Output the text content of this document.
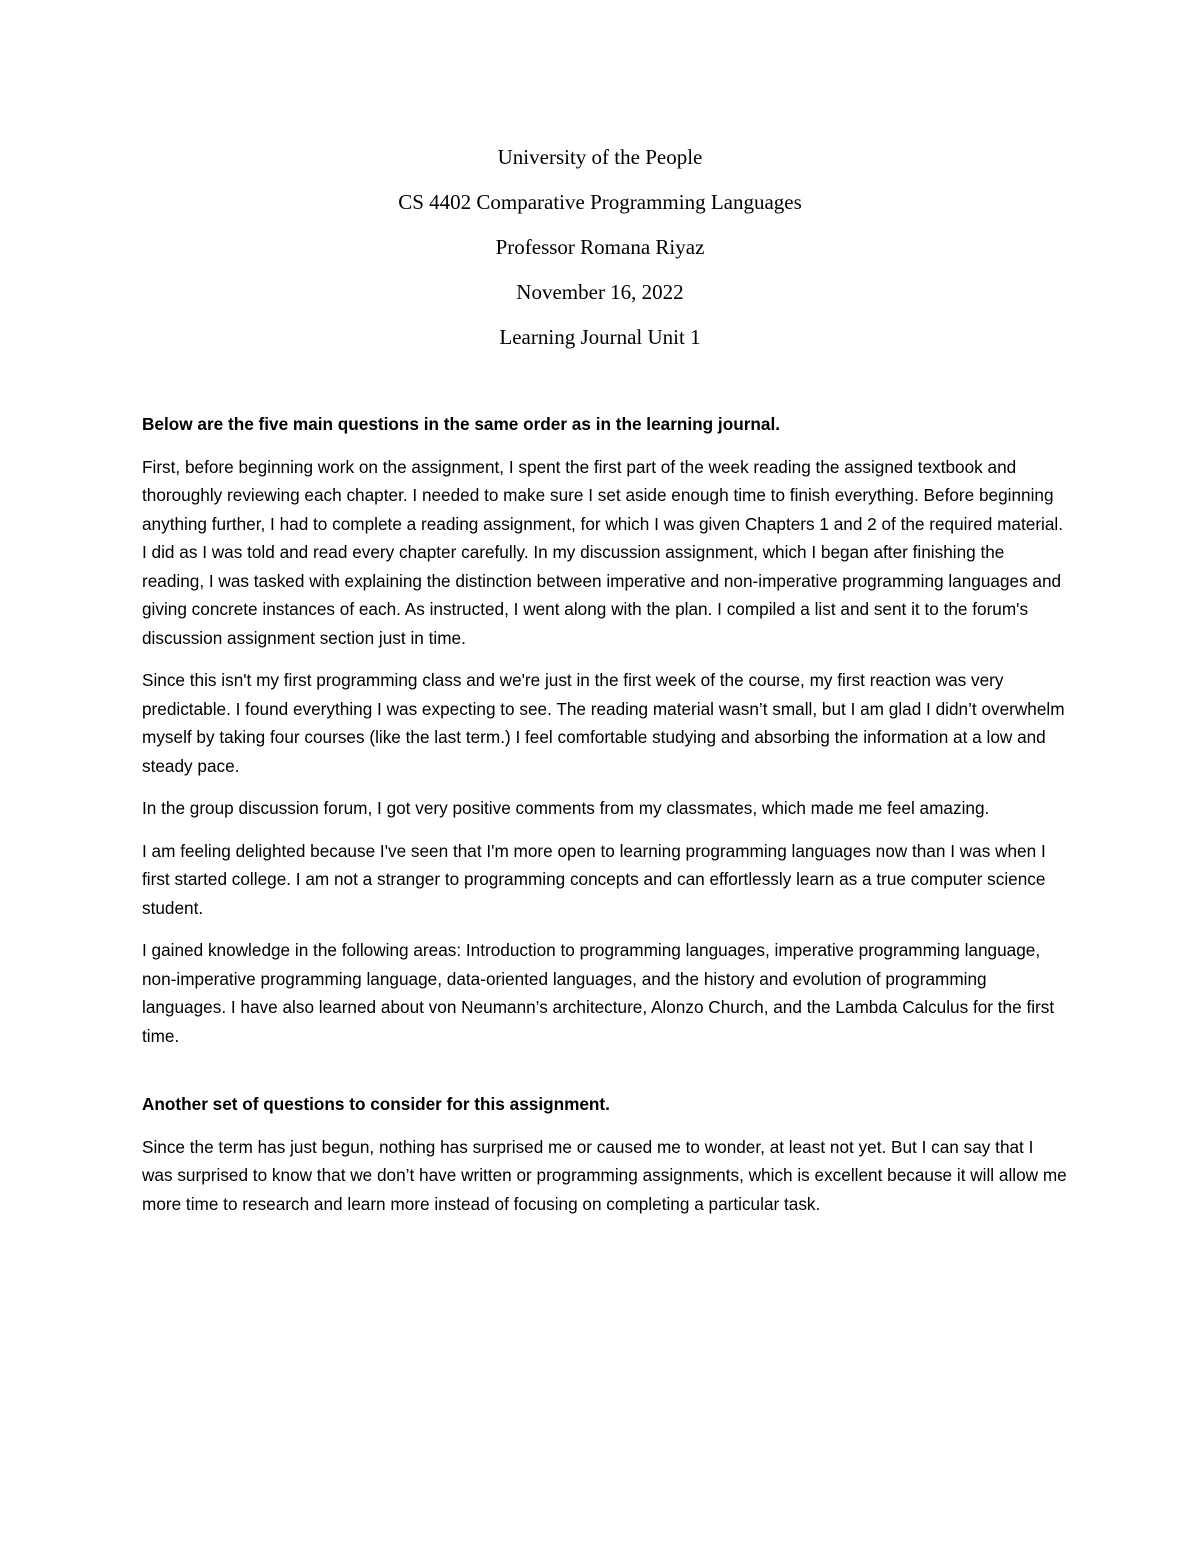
University of the People
CS 4402 Comparative Programming Languages
Professor Romana Riyaz
November 16, 2022
Learning Journal Unit 1

Below are the five main questions in the same order as in the learning journal.

First, before beginning work on the assignment, I spent the first part of the week reading the assigned textbook and thoroughly reviewing each chapter. I needed to make sure I set aside enough time to finish everything. Before beginning anything further, I had to complete a reading assignment, for which I was given Chapters 1 and 2 of the required material. I did as I was told and read every chapter carefully. In my discussion assignment, which I began after finishing the reading, I was tasked with explaining the distinction between imperative and non-imperative programming languages and giving concrete instances of each. As instructed, I went along with the plan. I compiled a list and sent it to the forum's discussion assignment section just in time.

Since this isn't my first programming class and we're just in the first week of the course, my first reaction was very predictable. I found everything I was expecting to see. The reading material wasn’t small, but I am glad I didn’t overwhelm myself by taking four courses (like the last term.) I feel comfortable studying and absorbing the information at a low and steady pace.

In the group discussion forum, I got very positive comments from my classmates, which made me feel amazing.

I am feeling delighted because I've seen that I'm more open to learning programming languages now than I was when I first started college. I am not a stranger to programming concepts and can effortlessly learn as a true computer science student.

I gained knowledge in the following areas: Introduction to programming languages, imperative programming language, non-imperative programming language, data-oriented languages, and the history and evolution of programming languages. I have also learned about von Neumann’s architecture, Alonzo Church, and the Lambda Calculus for the first time.

Another set of questions to consider for this assignment.

Since the term has just begun, nothing has surprised me or caused me to wonder, at least not yet. But I can say that I was surprised to know that we don’t have written or programming assignments, which is excellent because it will allow me more time to research and learn more instead of focusing on completing a particular task.
